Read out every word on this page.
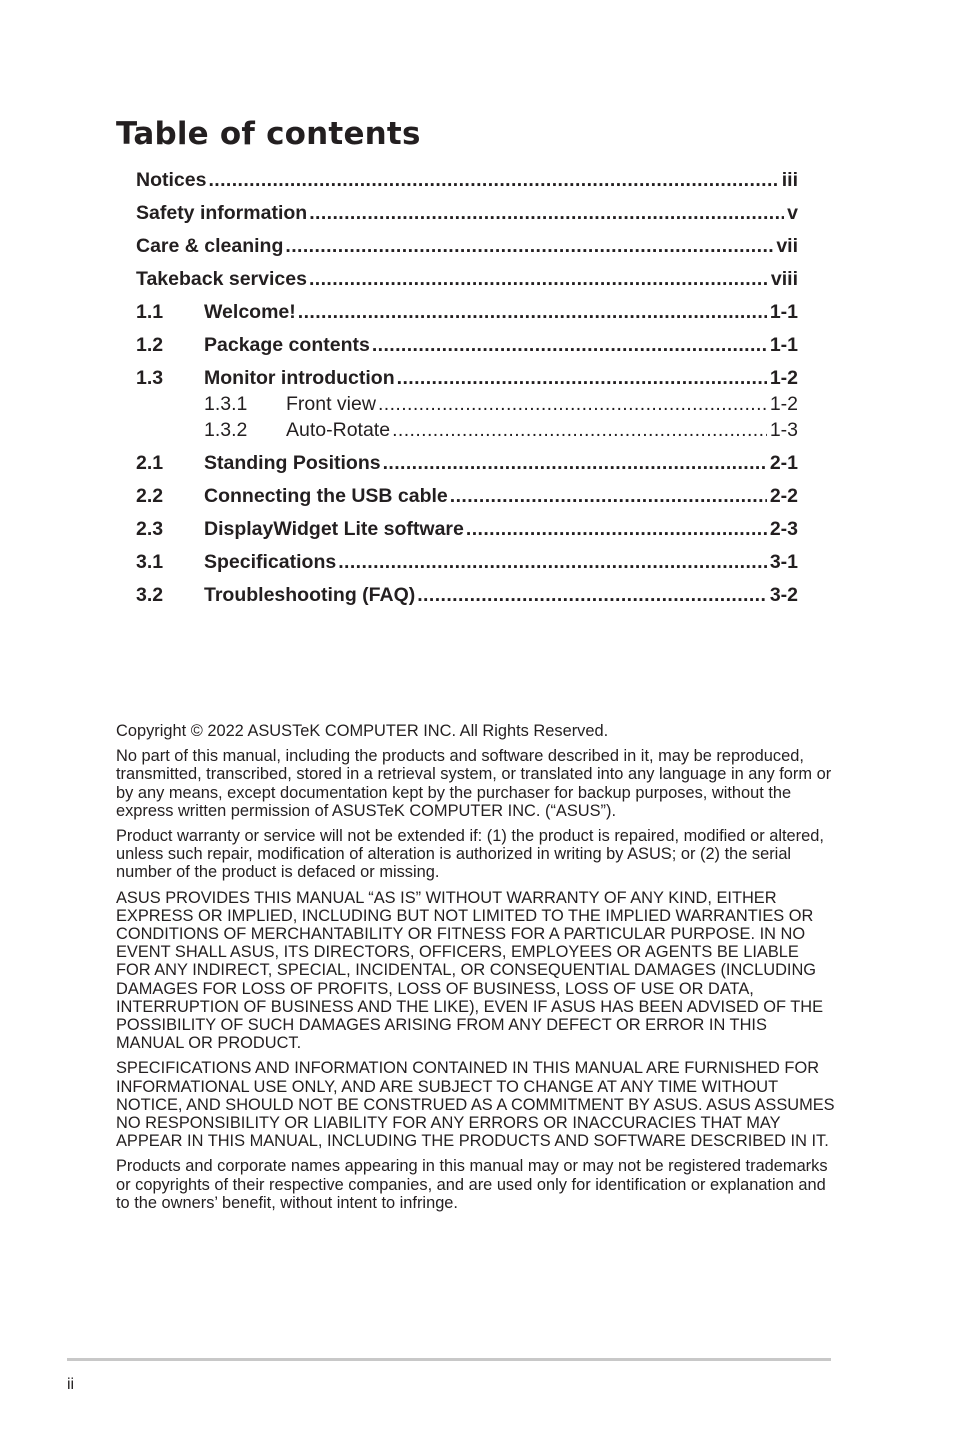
Table of contents
Notices .....	iii
Safety information .....	v
Care & cleaning .....	vii
Takeback services .....	viii
1.1	Welcome! .....	1-1
1.2	Package contents .....	1-1
1.3	Monitor introduction .....	1-2
1.3.1	Front view .....	1-2
1.3.2	Auto-Rotate .....	1-3
2.1	Standing Positions .....	2-1
2.2	Connecting the USB cable .....	2-2
2.3	DisplayWidget Lite software .....	2-3
3.1	Specifications .....	3-1
3.2	Troubleshooting (FAQ) .....	3-2

Copyright © 2022 ASUSTeK COMPUTER INC. All Rights Reserved.

No part of this manual, including the products and software described in it, may be reproduced, transmitted, transcribed, stored in a retrieval system, or translated into any language in any form or by any means, except documentation kept by the purchaser for backup purposes, without the express written permission of ASUSTeK COMPUTER INC. (“ASUS”).

Product warranty or service will not be extended if: (1) the product is repaired, modified or altered, unless such repair, modification of alteration is authorized in writing by ASUS; or (2) the serial number of the product is defaced or missing.

ASUS PROVIDES THIS MANUAL “AS IS” WITHOUT WARRANTY OF ANY KIND, EITHER EXPRESS OR IMPLIED, INCLUDING BUT NOT LIMITED TO THE IMPLIED WARRANTIES OR CONDITIONS OF MERCHANTABILITY OR FITNESS FOR A PARTICULAR PURPOSE. IN NO EVENT SHALL ASUS, ITS DIRECTORS, OFFICERS, EMPLOYEES OR AGENTS BE LIABLE FOR ANY INDIRECT, SPECIAL, INCIDENTAL, OR CONSEQUENTIAL DAMAGES (INCLUDING DAMAGES FOR LOSS OF PROFITS, LOSS OF BUSINESS, LOSS OF USE OR DATA, INTERRUPTION OF BUSINESS AND THE LIKE), EVEN IF ASUS HAS BEEN ADVISED OF THE POSSIBILITY OF SUCH DAMAGES ARISING FROM ANY DEFECT OR ERROR IN THIS MANUAL OR PRODUCT.

SPECIFICATIONS AND INFORMATION CONTAINED IN THIS MANUAL ARE FURNISHED FOR INFORMATIONAL USE ONLY, AND ARE SUBJECT TO CHANGE AT ANY TIME WITHOUT NOTICE, AND SHOULD NOT BE CONSTRUED AS A COMMITMENT BY ASUS. ASUS ASSUMES NO RESPONSIBILITY OR LIABILITY FOR ANY ERRORS OR INACCURACIES THAT MAY APPEAR IN THIS MANUAL, INCLUDING THE PRODUCTS AND SOFTWARE DESCRIBED IN IT.

Products and corporate names appearing in this manual may or may not be registered trademarks or copyrights of their respective companies, and are used only for identification or explanation and to the owners’ benefit, without intent to infringe.

ii
